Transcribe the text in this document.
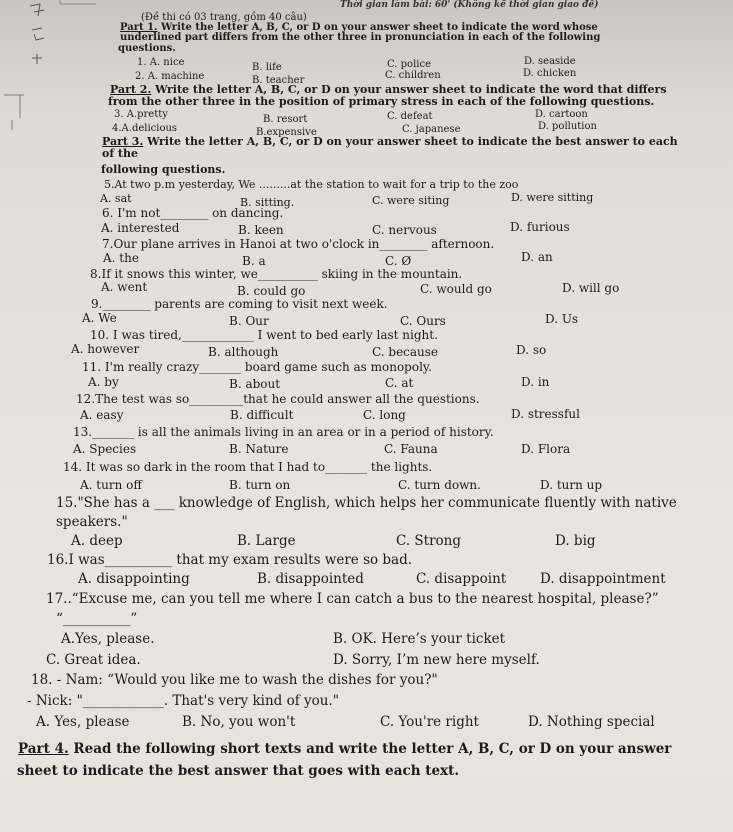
Thời gian làm bài: 60' (Không kể thời gian giao đề)
(Đề thi có 03 trang, gồm 40 câu)
Part 1. Write the letter A, B, C, or D on your answer sheet to indicate the word whose
underlined part differs from the other three in pronunciation in each of the following
questions.
1. A. nice	B. life	C. police	D. seaside
2. A. machine	B. teacher	C. children	D. chicken
Part 2. Write the letter A, B, C, or D on your answer sheet to indicate the word that differs
from the other three in the position of primary stress in each of the following questions.
3. A.pretty	B. resort	C. defeat	D. cartoon
4.A.delicious	B.expensive	C. japanese	D. pollution
Part 3. Write the letter A, B, C, or D on your answer sheet to indicate the best answer to each
of the
following questions.
5.At two p.m yesterday, We .........at the station to wait for a trip to the zoo
A. sat	B. sitting.	C. were siting	D. were sitting
6. I'm not________ on dancing.
A. interested	B. keen	C. nervous	D. furious
7.Our plane arrives in Hanoi at two o'clock in________ afternoon.
A. the	B. a	C. Ø	D. an
8.If it snows this winter, we__________ skiing in the mountain.
A. went	B. could go	C. would go	D. will go
9.________ parents are coming to visit next week.
A. We	B. Our	C. Ours	D. Us
10. I was tired,____________ I went to bed early last night.
A. however	B. although	C. because	D. so
11. I'm really crazy_______ board game such as monopoly.
A. by	B. about	C. at	D. in
12.The test was so_________that he could answer all the questions.
A. easy	B. difficult	C. long	D. stressful
13._______ is all the animals living in an area or in a period of history.
A. Species	B. Nature	C. Fauna	D. Flora
14. It was so dark in the room that I had to_______ the lights.
A. turn off	B. turn on	C. turn down.	D. turn up
15."She has a ___ knowledge of English, which helps her communicate fluently with native
speakers."
A. deep	B. Large	C. Strong	D. big
16.I was__________ that my exam results were so bad.
A. disappointing	B. disappointed	C. disappoint	D. disappointment
17..“Excuse me, can you tell me where I can catch a bus to the nearest hospital, please?”
“__________”
A.Yes, please.	B. OK. Here’s your ticket
C. Great idea.	D. Sorry, I’m new here myself.
18. - Nam: “Would you like me to wash the dishes for you?"
- Nick: "____________. That's very kind of you."
A. Yes, please	B. No, you won't	C. You're right	D. Nothing special
Part 4. Read the following short texts and write the letter A, B, C, or D on your answer
sheet to indicate the best answer that goes with each text.
